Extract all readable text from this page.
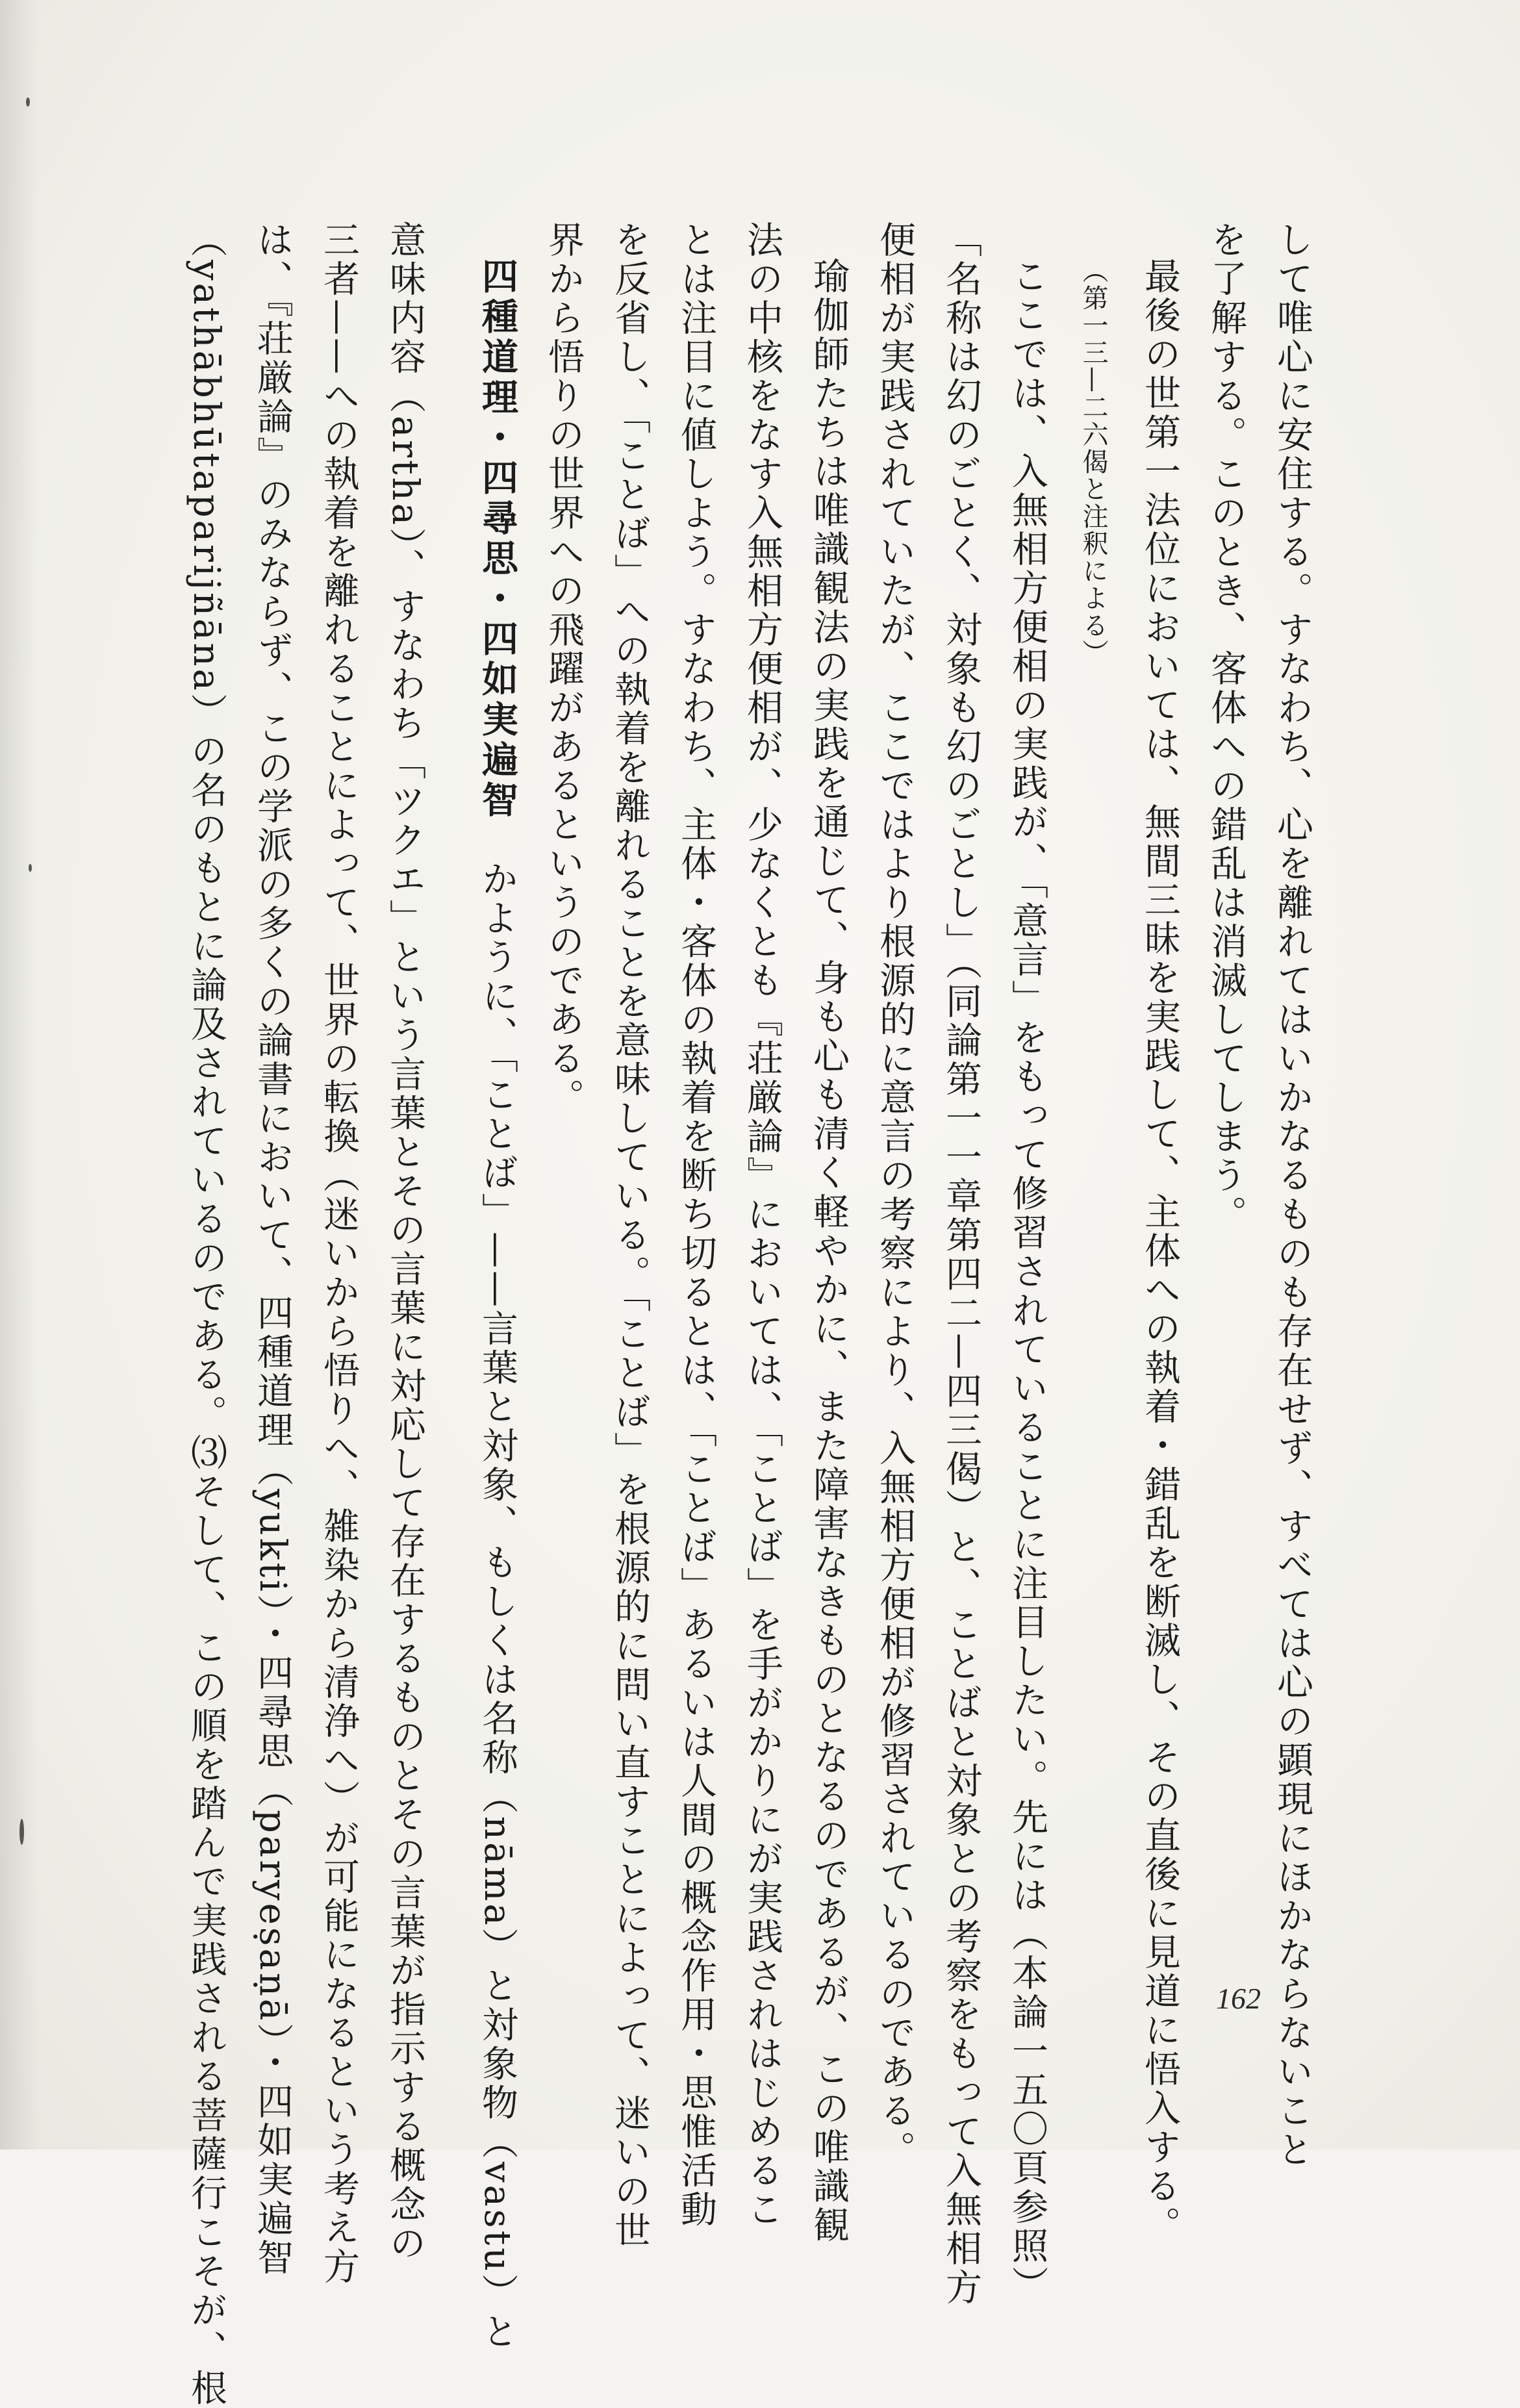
して唯心に安住する。すなわち、心を離れてはいかなるものも存在せず、すべては心の顕現にほかならないこと
を了解する。このとき、客体への錯乱は消滅してしまう。
最後の世第一法位においては、無間三昧を実践して、主体への執着・錯乱を断滅し、その直後に見道に悟入する。
（第一三—二六偈と注釈による）
ここでは、入無相方便相の実践が、「意言」をもって修習されていることに注目したい。先には（本論一五〇頁参照）
「名称は幻のごとく、対象も幻のごとし」（同論第一一章第四二—四三偈）と、ことばと対象との考察をもって入無相方
便相が実践されていたが、ここではより根源的に意言の考察により、入無相方便相が修習されているのである。
瑜伽師たちは唯識観法の実践を通じて、身も心も清く軽やかに、また障害なきものとなるのであるが、この唯識観
法の中核をなす入無相方便相が、少なくとも『荘厳論』においては、「ことば」を手がかりにが実践されはじめるこ
とは注目に値しよう。すなわち、主体・客体の執着を断ち切るとは、「ことば」あるいは人間の概念作用・思惟活動
を反省し、「ことば」への執着を離れることを意味している。「ことば」を根源的に問い直すことによって、迷いの世
界から悟りの世界への飛躍があるというのである。
四種道理・四尋思・四如実遍智　かように、「ことば」——言葉と対象、もしくは名称（nāma）と対象物（vastu）と
意味内容（artha）、すなわち「ツクエ」という言葉とその言葉に対応して存在するものとその言葉が指示する概念の
三者——への執着を離れることによって、世界の転換（迷いから悟りへ、雑染から清浄へ）が可能になるという考え方
は、『荘厳論』のみならず、この学派の多くの論書において、四種道理（yukti）・四尋思（paryeṣaṇā）・四如実遍智
（yathābhūtaparijñāna）の名のもとに論及されているのである。⑶そして、この順を踏んで実践される菩薩行こそが、根	162
